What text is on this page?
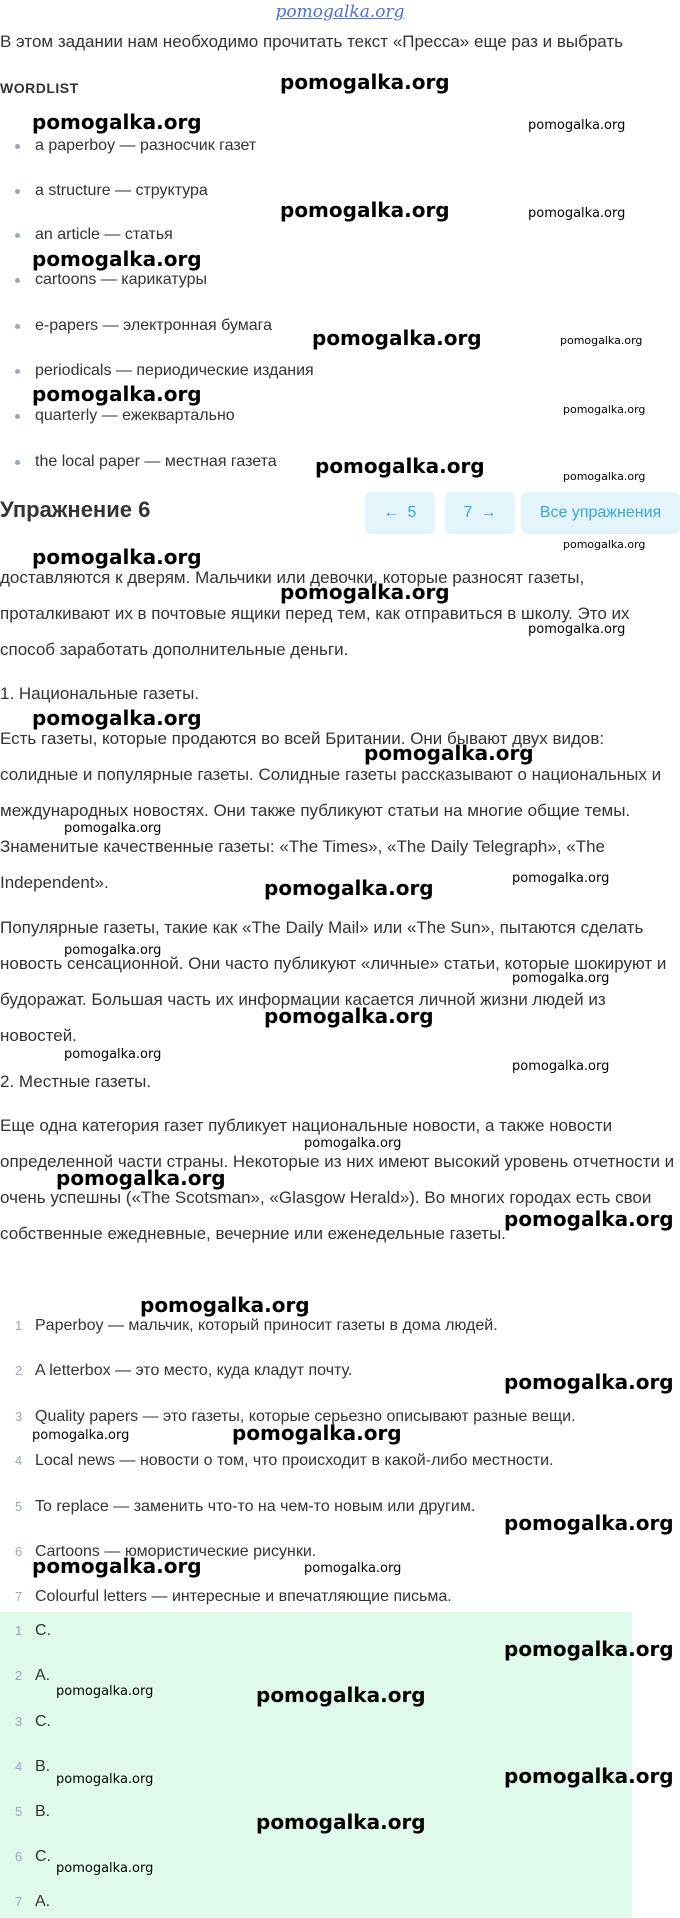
pomogalka.org
В этом задании нам необходимо прочитать текст «Пресса» еще раз и выбрать
WORDLIST
a paperboy — разносчик газет
a structure — структура
an article — статья
cartoons — карикатуры
e-papers — электронная бумага
periodicals — периодические издания
quarterly — ежеквартально
the local paper — местная газета
Упражнение 6	← 5	7 →	Все упражнения
доставляются к дверям. Мальчики или девочки, которые разносят газеты, проталкивают их в почтовые ящики перед тем, как отправиться в школу. Это их способ заработать дополнительные деньги.
1. Национальные газеты.
Есть газеты, которые продаются во всей Британии. Они бывают двух видов: солидные и популярные газеты. Солидные газеты рассказывают о национальных и международных новостях. Они также публикуют статьи на многие общие темы. Знаменитые качественные газеты: «The Times», «The Daily Telegraph», «The Independent».
Популярные газеты, такие как «The Daily Mail» или «The Sun», пытаются сделать новость сенсационной. Они часто публикуют «личные» статьи, которые шокируют и будоражат. Большая часть их информации касается личной жизни людей из новостей.
2. Местные газеты.
Еще одна категория газет публикует национальные новости, а также новости определенной части страны. Некоторые из них имеют высокий уровень отчетности и очень успешны («The Scotsman», «Glasgow Herald»). Во многих городах есть свои собственные ежедневные, вечерние или еженедельные газеты.
1 Paperboy — мальчик, который приносит газеты в дома людей.
2 A letterbox — это место, куда кладут почту.
3 Quality papers — это газеты, которые серьезно описывают разные вещи.
4 Local news — новости о том, что происходит в какой-либо местности.
5 To replace — заменить что-то на чем-то новым или другим.
6 Cartoons — юмористические рисунки.
7 Colourful letters — интересные и впечатляющие письма.
1 C.
2 A.
3 C.
4 B.
5 B.
6 C.
7 A.
pomogalka.org
pomogalka.org	pomogalka.org
pomogalka.org	pomogalka.org
pomogalka.org
pomogalka.org	pomogalka.org
pomogalka.org
pomogalka.org
pomogalka.org	pomogalka.org
pomogalka.org
pomogalka.org
pomogalka.org
pomogalka.org
pomogalka.org
pomogalka.org
pomogalka.org
pomogalka.org
pomogalka.org
pomogalka.org
pomogalka.org
pomogalka.org
pomogalka.org
pomogalka.org
pomogalka.org
pomogalka.org
pomogalka.org
pomogalka.org
pomogalka.org
pomogalka.org	pomogalka.org
pomogalka.org
pomogalka.org	pomogalka.org
pomogalka.org
pomogalka.org	pomogalka.org
pomogalka.org	pomogalka.org
pomogalka.org
pomogalka.org
